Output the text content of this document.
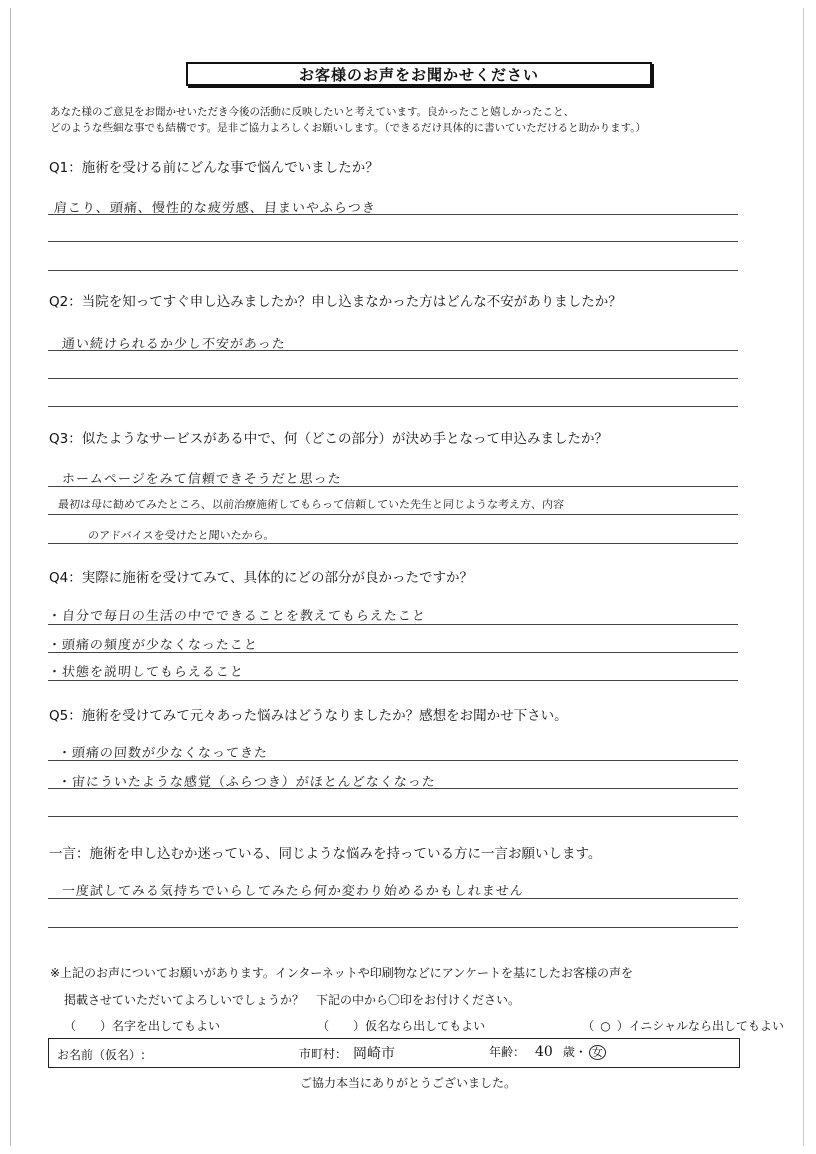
お客様のお声をお聞かせください
あなた様のご意見をお聞かせいただき今後の活動に反映したいと考えています。良かったこと嬉しかったこと、
どのような些細な事でも結構です。是非ご協力よろしくお願いします。（できるだけ具体的に書いていただけると助かります。）
Q1：施術を受ける前にどんな事で悩んでいましたか？
肩こり、頭痛、慢性的な疲労感、目まいやふらつき
Q2：当院を知ってすぐ申し込みましたか？申し込まなかった方はどんな不安がありましたか？
通い続けられるか少し不安があった
Q3：似たようなサービスがある中で、何（どこの部分）が決め手となって申込みましたか？
ホームページをみて信頼できそうだと思った
最初は母に勧めてみたところ、以前治療施術してもらって信頼していた先生と同じような考え方、内容
のアドバイスを受けたと聞いたから。
Q4：実際に施術を受けてみて、具体的にどの部分が良かったですか？
・自分で毎日の生活の中でできることを教えてもらえたこと
・頭痛の頻度が少なくなったこと
・状態を説明してもらえること
Q5：施術を受けてみて元々あった悩みはどうなりましたか？感想をお聞かせ下さい。
・頭痛の回数が少なくなってきた
・宙にういたような感覚（ふらつき）がほとんどなくなった
一言：施術を申し込むか迷っている、同じような悩みを持っている方に一言お願いします。
一度試してみる気持ちでいらしてみたら何か変わり始めるかもしれません
※上記のお声についてお願いがあります。インターネットや印刷物などにアンケートを基にしたお客様の声を
掲載させていただいてよろしいでしょうか？　下記の中から〇印をお付けください。
（　）名字を出してもよい	（　）仮名なら出してもよい	（ ○ ）イニシャルなら出してもよい
お名前（仮名）:	市町村： 岡崎市	年齢： 40 歳・ 女
ご協力本当にありがとうございました。
